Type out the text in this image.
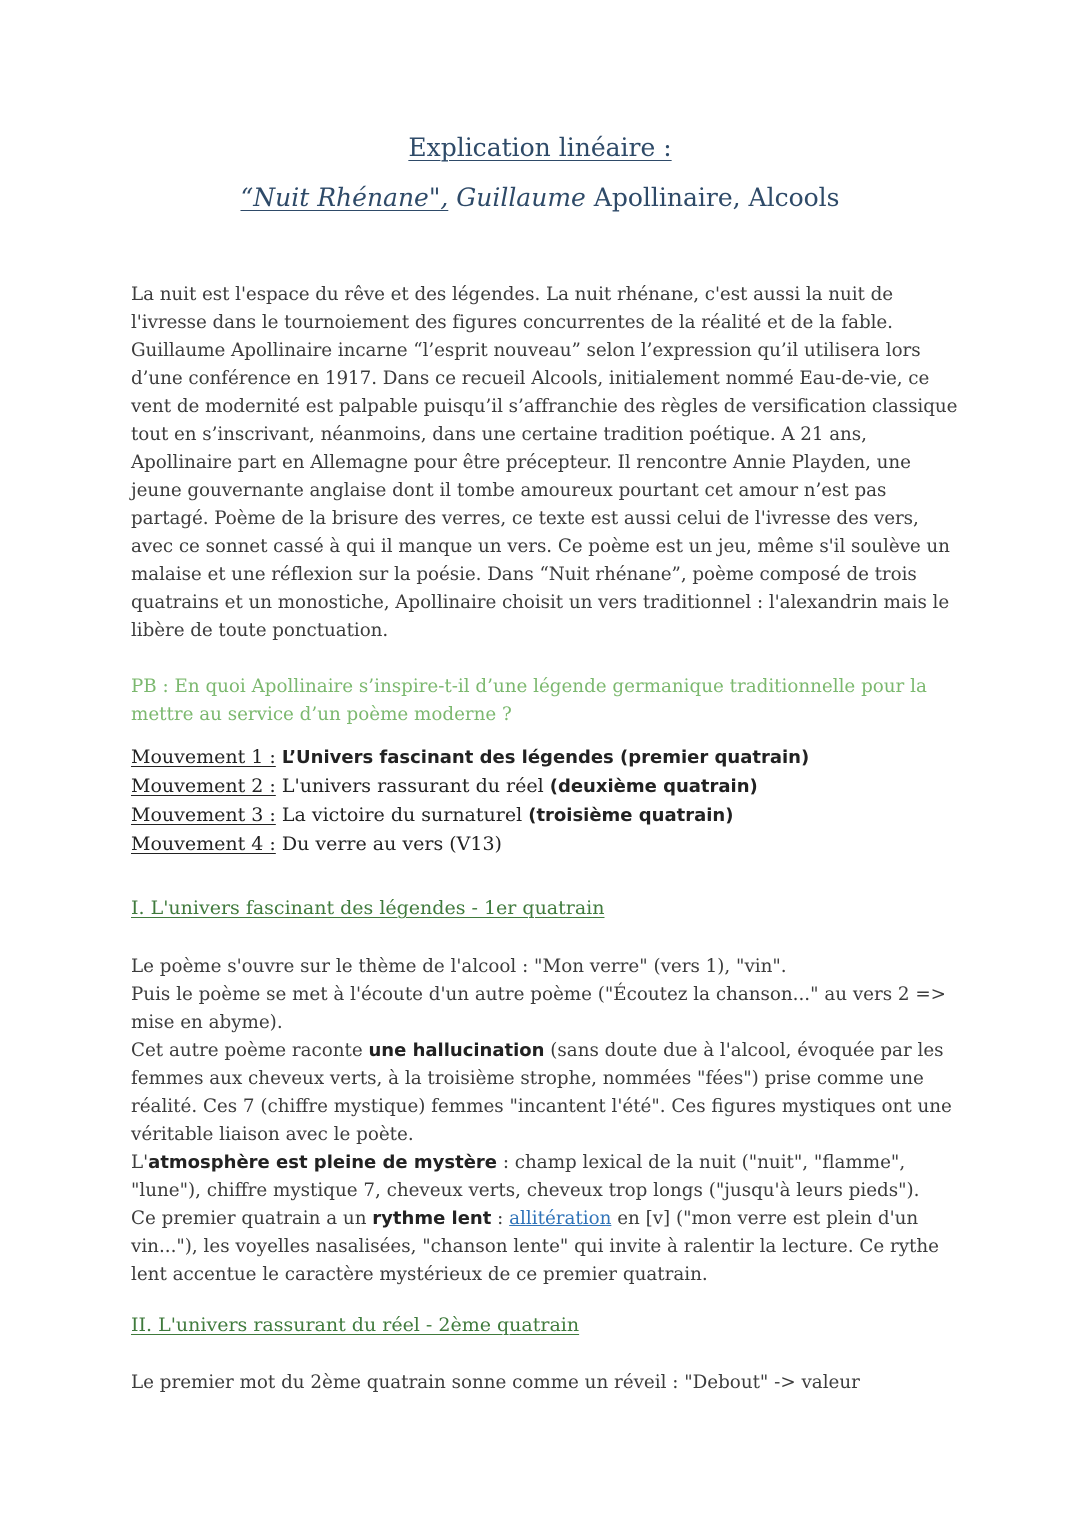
Explication linéaire :
“Nuit Rhénane", Guillaume Apollinaire, Alcools

La nuit est l'espace du rêve et des légendes. La nuit rhénane, c'est aussi la nuit de l'ivresse dans le tournoiement des figures concurrentes de la réalité et de la fable. Guillaume Apollinaire incarne “l’esprit nouveau” selon l’expression qu’il utilisera lors d’une conférence en 1917. Dans ce recueil Alcools, initialement nommé Eau-de-vie, ce vent de modernité est palpable puisqu’il s’affranchie des règles de versification classique tout en s’inscrivant, néanmoins, dans une certaine tradition poétique. A 21 ans, Apollinaire part en Allemagne pour être précepteur. Il rencontre Annie Playden, une jeune gouvernante anglaise dont il tombe amoureux pourtant cet amour n’est pas partagé. Poème de la brisure des verres, ce texte est aussi celui de l'ivresse des vers, avec ce sonnet cassé à qui il manque un vers. Ce poème est un jeu, même s'il soulève un malaise et une réflexion sur la poésie. Dans “Nuit rhénane”, poème composé de trois quatrains et un monostiche, Apollinaire choisit un vers traditionnel : l'alexandrin mais le libère de toute ponctuation.

PB : En quoi Apollinaire s’inspire-t-il d’une légende germanique traditionnelle pour la mettre au service d’un poème moderne ?

Mouvement 1 : L’Univers fascinant des légendes (premier quatrain)
Mouvement 2 : L'univers rassurant du réel (deuxième quatrain)
Mouvement 3 : La victoire du surnaturel (troisième quatrain)
Mouvement 4 : Du verre au vers (V13)
I. L'univers fascinant des légendes - 1er quatrain

Le poème s'ouvre sur le thème de l'alcool : "Mon verre" (vers 1), "vin".

Puis le poème se met à l'écoute d'un autre poème ("Écoutez la chanson..." au vers 2 => mise en abyme).

Cet autre poème raconte une hallucination (sans doute due à l'alcool, évoquée par les femmes aux cheveux verts, à la troisième strophe, nommées "fées") prise comme une réalité. Ces 7 (chiffre mystique) femmes "incantent l'été". Ces figures mystiques ont une véritable liaison avec le poète.

L'atmosphère est pleine de mystère : champ lexical de la nuit ("nuit", "flamme", "lune"), chiffre mystique 7, cheveux verts, cheveux trop longs ("jusqu'à leurs pieds").

Ce premier quatrain a un rythme lent : allitération en [v] ("mon verre est plein d'un vin..."), les voyelles nasalisées, "chanson lente" qui invite à ralentir la lecture. Ce rythe lent accentue le caractère mystérieux de ce premier quatrain.

II. L'univers rassurant du réel - 2ème quatrain

Le premier mot du 2ème quatrain sonne comme un réveil : "Debout" -> valeur
